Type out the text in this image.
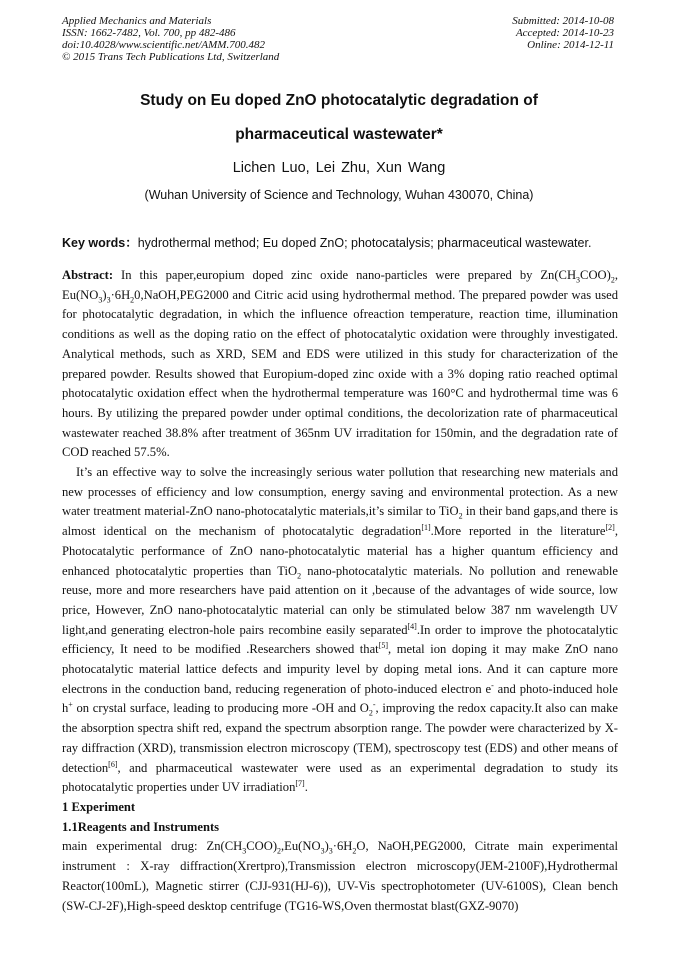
Applied Mechanics and Materials
ISSN: 1662-7482, Vol. 700, pp 482-486
doi:10.4028/www.scientific.net/AMM.700.482
© 2015 Trans Tech Publications Ltd, Switzerland
Submitted: 2014-10-08
Accepted: 2014-10-23
Online: 2014-12-11
Study on Eu doped ZnO photocatalytic degradation of
pharmaceutical wastewater*
Lichen Luo, Lei Zhu, Xun Wang
(Wuhan University of Science and Technology, Wuhan 430070, China)
Key words：hydrothermal method; Eu doped ZnO; photocatalysis; pharmaceutical wastewater.

Abstract: In this paper,europium doped zinc oxide nano-particles were prepared by $Zn(CH_3COO)_2$, $Eu(NO_3)_3\cdot 6H_20,NaOH,PEG2000$ and Citric acid using hydrothermal method. The prepared powder was used for photocatalytic degradation, in which the influence ofreaction temperature, reaction time, illumination conditions as well as the doping ratio on the effect of photocatalytic oxidation were throughly investigated. Analytical methods, such as XRD, SEM and EDS were utilized in this study for characterization of the prepared powder. Results showed that Europium-doped zinc oxide with a 3% doping ratio reached optimal photocatalytic oxidation effect when the hydrothermal temperature was 160°C and hydrothermal time was 6 hours. By utilizing the prepared powder under optimal conditions, the decolorization rate of pharmaceutical wastewater reached 38.8% after treatment of 365nm UV irraditation for 150min, and the degradation rate of COD reached 57.5%.

It’s an effective way to solve the increasingly serious water pollution that researching new materials and new processes of efficiency and low consumption, energy saving and environmental protection. As a new water treatment material-ZnO nano-photocatalytic materials,it’s similar to TiO$_2$ in their band gaps,and there is almost identical on the mechanism of photocatalytic degradation[1].More reported in the literature[2], Photocatalytic performance of ZnO nano-photocatalytic material has a higher quantum efficiency and enhanced photocatalytic properties than TiO$_2$ nano-photocatalytic materials. No pollution and renewable reuse, more and more researchers have paid attention on it ,because of the advantages of wide source, low price, However, ZnO nano-photocatalytic material can only be stimulated below 387 nm wavelength UV light,and generating electron-hole pairs recombine easily separated[4].In order to improve the photocatalytic efficiency, It need to be modified .Researchers showed that[5], metal ion doping it may make ZnO nano photocatalytic material lattice defects and impurity level by doping metal ions. And it can capture more electrons in the conduction band, reducing regeneration of photo-induced electron e- and photo-induced hole h+ on crystal surface, leading to producing more -OH and $O_2^-$, improving the redox capacity.It also can make the absorption spectra shift red, expand the spectrum absorption range. The powder were characterized by X-ray diffraction (XRD), transmission electron microscopy (TEM), spectroscopy test (EDS) and other means of detection[6], and pharmaceutical wastewater were used as an experimental degradation to study its photocatalytic properties under UV irradiation[7].

1 Experiment

1.1Reagents and Instruments

main experimental drug: $Zn(CH_3COO)_2,Eu(NO_3)_3\cdot 6H_2O$, NaOH,PEG2000, Citrate main experimental instrument : X-ray diffraction(Xrertpro),Transmission electron microscopy(JEM-2100F),Hydrothermal Reactor(100mL), Magnetic stirrer (CJJ-931(HJ-6)), UV-Vis spectrophotometer (UV-6100S), Clean bench (SW-CJ-2F),High-speed desktop centrifuge (TG16-WS,Oven thermostat blast(GXZ-9070)
